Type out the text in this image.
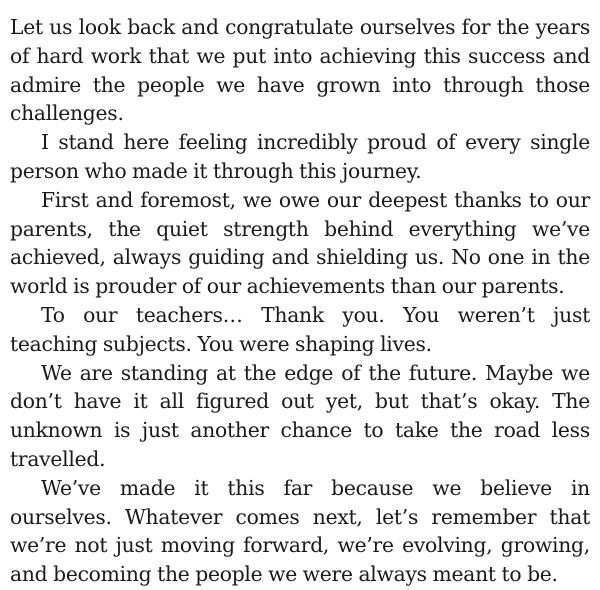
Let us look back and congratulate ourselves for the years of hard work that we put into achieving this success and admire the people we have grown into through those challenges.

I stand here feeling incredibly proud of every single person who made it through this journey.

First and foremost, we owe our deepest thanks to our parents, the quiet strength behind everything we’ve achieved, always guiding and shielding us. No one in the world is prouder of our achievements than our parents.

To our teachers… Thank you. You weren’t just teaching subjects. You were shaping lives.

We are standing at the edge of the future. Maybe we don’t have it all figured out yet, but that’s okay. The unknown is just another chance to take the road less travelled.

We’ve made it this far because we believe in ourselves. Whatever comes next, let’s remember that we’re not just moving forward, we’re evolving, growing, and becoming the people we were always meant to be.
